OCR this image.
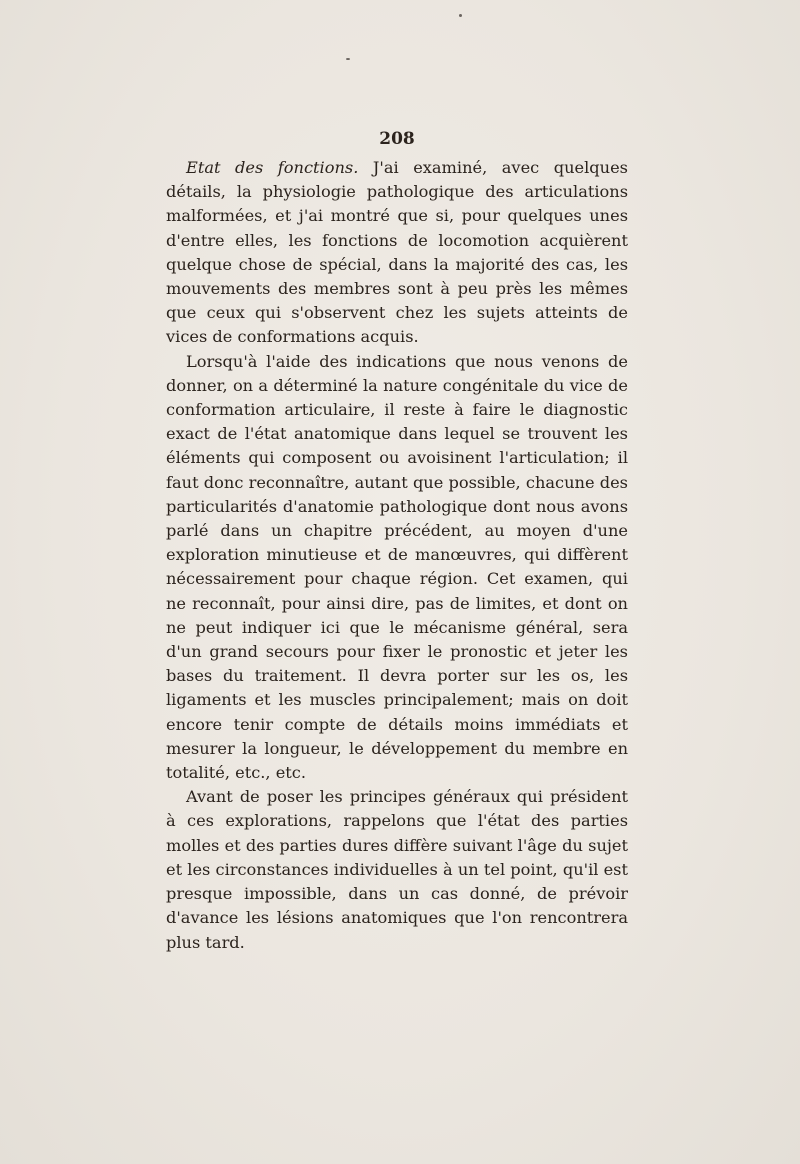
208

Etat des fonctions. J'ai examiné, avec quelques détails, la physiologie pathologique des articulations malformées, et j'ai montré que si, pour quelques unes d'entre elles, les fonctions de locomotion acquièrent quelque chose de spécial, dans la majorité des cas, les mouvements des membres sont à peu près les mêmes que ceux qui s'observent chez les sujets atteints de vices de conformations acquis.

Lorsqu'à l'aide des indications que nous venons de donner, on a déterminé la nature congénitale du vice de conformation articulaire, il reste à faire le diagnostic exact de l'état anatomique dans lequel se trouvent les éléments qui composent ou avoisinent l'articulation; il faut donc reconnaître, autant que possible, chacune des particularités d'anatomie pathologique dont nous avons parlé dans un chapitre précédent, au moyen d'une exploration minutieuse et de manœuvres, qui diffèrent nécessairement pour chaque région. Cet examen, qui ne reconnaît, pour ainsi dire, pas de limites, et dont on ne peut indiquer ici que le mécanisme général, sera d'un grand secours pour fixer le pronostic et jeter les bases du traitement. Il devra porter sur les os, les ligaments et les muscles principalement; mais on doit encore tenir compte de détails moins immédiats et mesurer la longueur, le développement du membre en totalité, etc., etc.

Avant de poser les principes généraux qui président à ces explorations, rappelons que l'état des parties molles et des parties dures diffère suivant l'âge du sujet et les circonstances individuelles à un tel point, qu'il est presque impossible, dans un cas donné, de prévoir d'avance les lésions anatomiques que l'on rencontrera plus tard.
